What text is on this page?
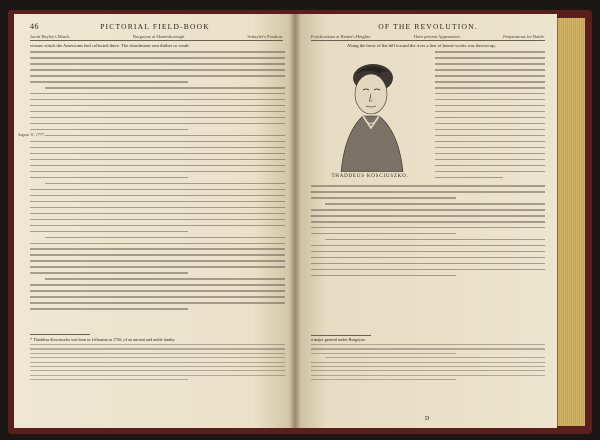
46	PICTORIAL FIELD-BOOK
Jacob Bayley's March.	Burgoyne at Skenesborough.	Schuyler's Position.
visions which the Americans had collected there. The detachment sent thither so weak-
August 11, 1777.
* Thaddeus Kosciuszko was born in Lithuania in 1756, of an ancient and noble family.
OF THE REVOLUTION.
Fortifications at Bemis's Heights.	Their present Appearance.	Preparations for Battle.
THADDEUS KOSCIUSZKO.
Along the brow of the hill toward the river a line of breast-works was thrown up,
a major general under Burgoyne.
D
